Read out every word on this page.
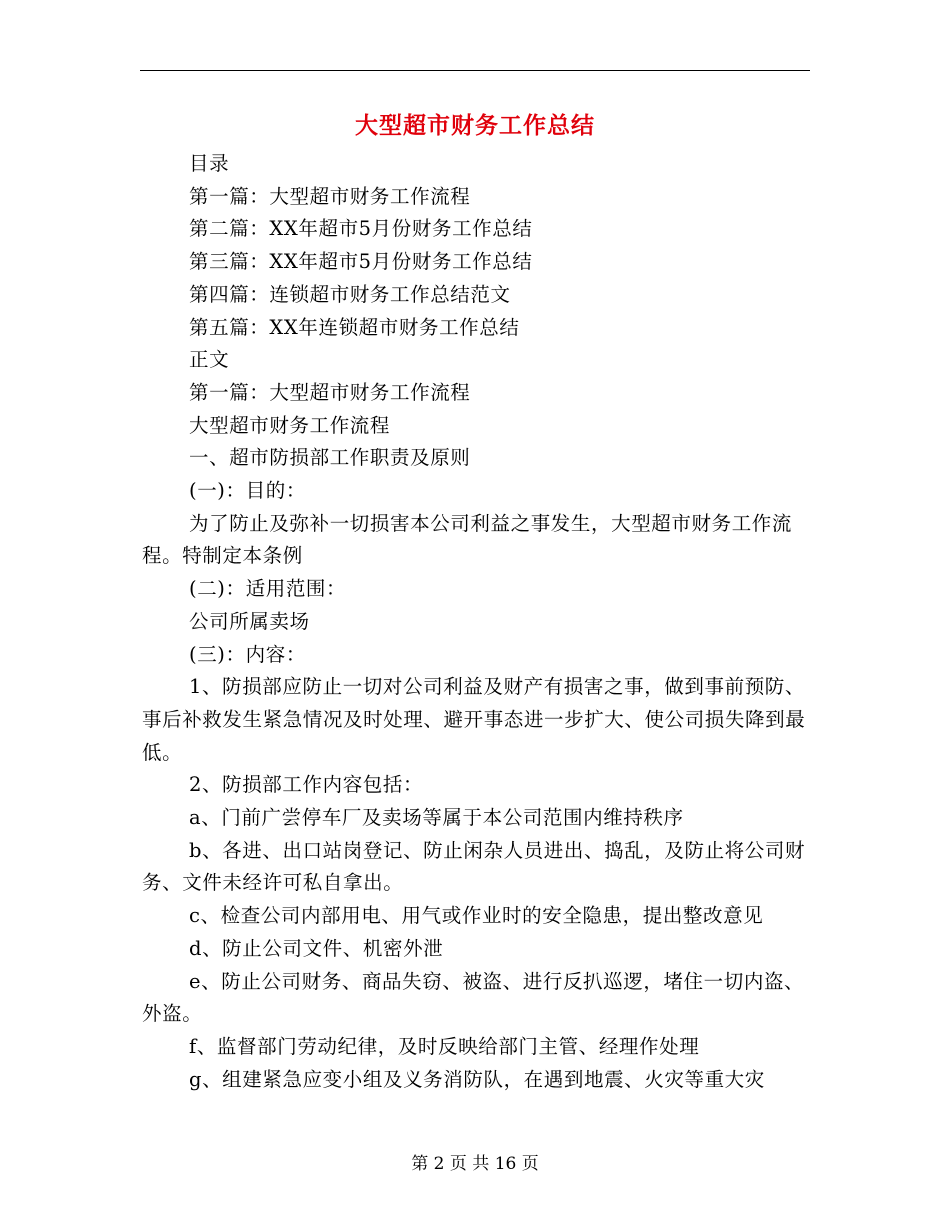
大型超市财务工作总结

目录

第一篇：大型超市财务工作流程

第二篇：XX年超市5月份财务工作总结

第三篇：XX年超市5月份财务工作总结

第四篇：连锁超市财务工作总结范文

第五篇：XX年连锁超市财务工作总结

正文

第一篇：大型超市财务工作流程

大型超市财务工作流程

一、超市防损部工作职责及原则

(一)：目的：

为了防止及弥补一切损害本公司利益之事发生，大型超市财务工作流程。特制定本条例

(二)：适用范围：

公司所属卖场

(三)：内容：

1、防损部应防止一切对公司利益及财产有损害之事，做到事前预防、事后补救发生紧急情况及时处理、避开事态进一步扩大、使公司损失降到最低。

2、防损部工作内容包括：

a、门前广尝停车厂及卖场等属于本公司范围内维持秩序

b、各进、出口站岗登记、防止闲杂人员进出、捣乱，及防止将公司财务、文件未经许可私自拿出。

c、检查公司内部用电、用气或作业时的安全隐患，提出整改意见

d、防止公司文件、机密外泄

e、防止公司财务、商品失窃、被盗、进行反扒巡逻，堵住一切内盗、外盗。

f、监督部门劳动纪律，及时反映给部门主管、经理作处理

g、组建紧急应变小组及义务消防队，在遇到地震、火灾等重大灾

第 2 页 共 16 页
